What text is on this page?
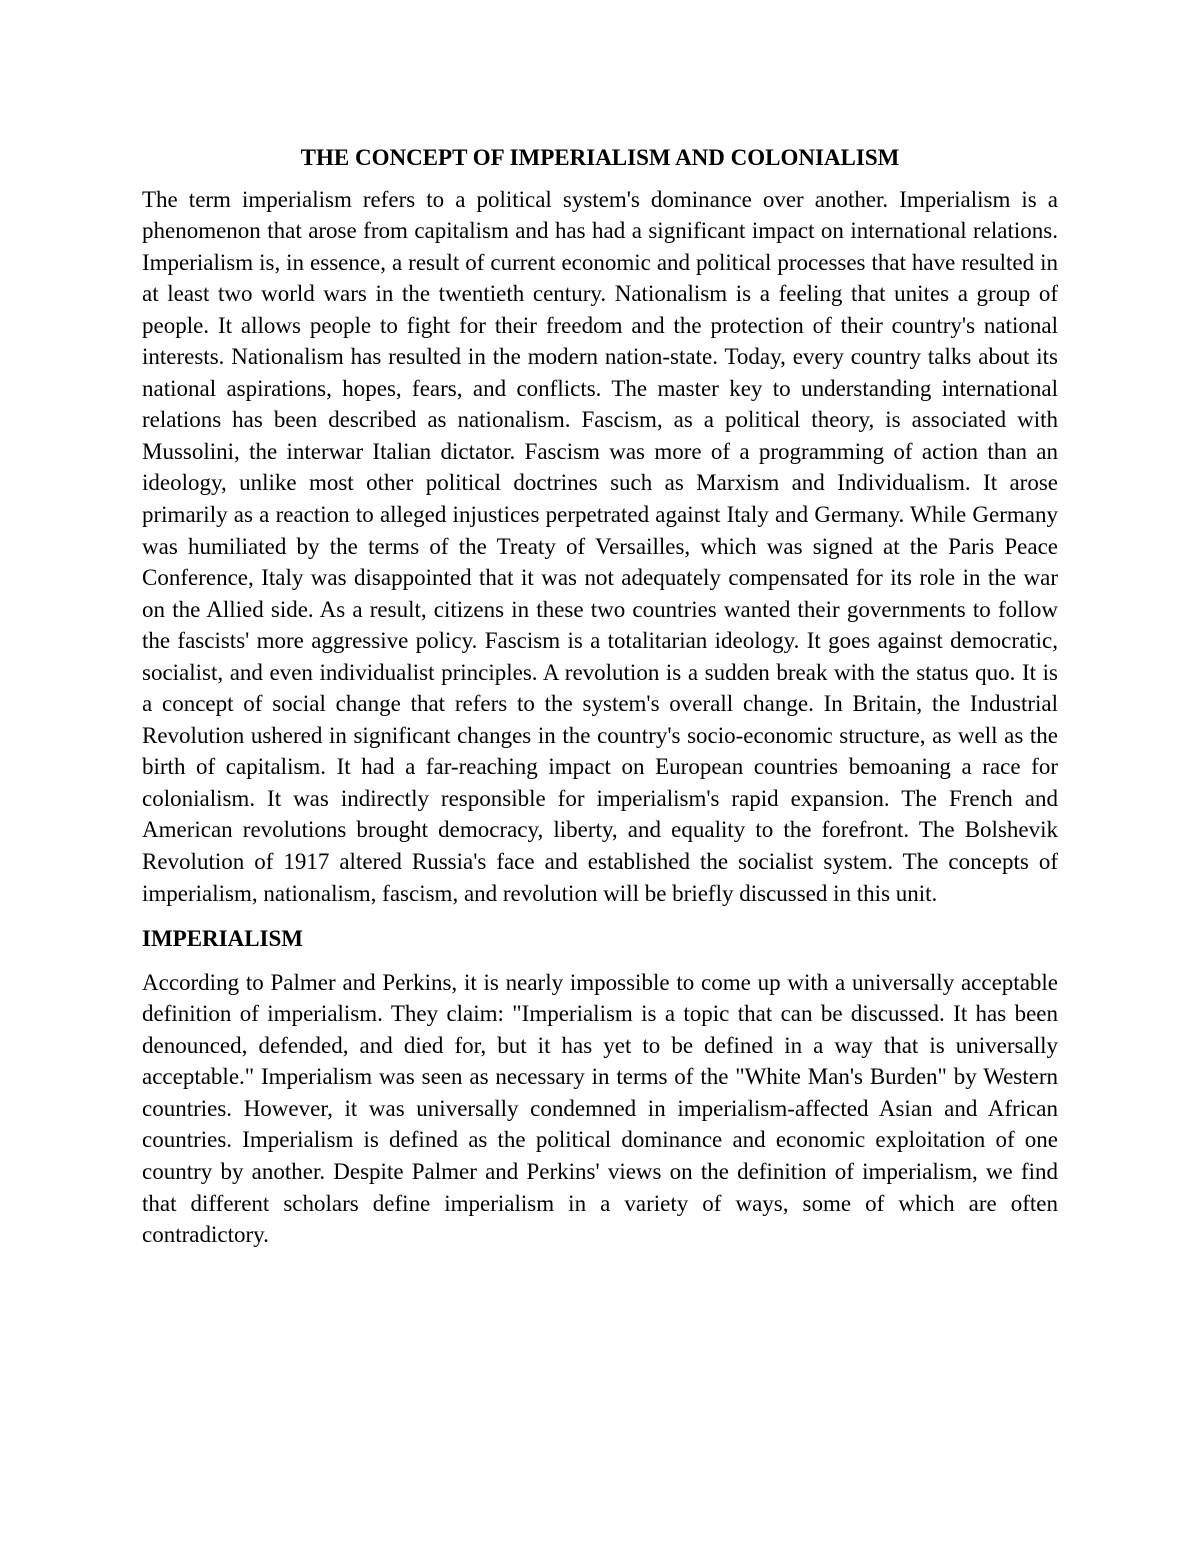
THE CONCEPT OF IMPERIALISM AND COLONIALISM

The term imperialism refers to a political system's dominance over another. Imperialism is a phenomenon that arose from capitalism and has had a significant impact on international relations. Imperialism is, in essence, a result of current economic and political processes that have resulted in at least two world wars in the twentieth century. Nationalism is a feeling that unites a group of people. It allows people to fight for their freedom and the protection of their country's national interests. Nationalism has resulted in the modern nation-state. Today, every country talks about its national aspirations, hopes, fears, and conflicts. The master key to understanding international relations has been described as nationalism. Fascism, as a political theory, is associated with Mussolini, the interwar Italian dictator. Fascism was more of a programming of action than an ideology, unlike most other political doctrines such as Marxism and Individualism. It arose primarily as a reaction to alleged injustices perpetrated against Italy and Germany. While Germany was humiliated by the terms of the Treaty of Versailles, which was signed at the Paris Peace Conference, Italy was disappointed that it was not adequately compensated for its role in the war on the Allied side. As a result, citizens in these two countries wanted their governments to follow the fascists' more aggressive policy. Fascism is a totalitarian ideology. It goes against democratic, socialist, and even individualist principles. A revolution is a sudden break with the status quo. It is a concept of social change that refers to the system's overall change. In Britain, the Industrial Revolution ushered in significant changes in the country's socio-economic structure, as well as the birth of capitalism. It had a far-reaching impact on European countries bemoaning a race for colonialism. It was indirectly responsible for imperialism's rapid expansion. The French and American revolutions brought democracy, liberty, and equality to the forefront. The Bolshevik Revolution of 1917 altered Russia's face and established the socialist system. The concepts of imperialism, nationalism, fascism, and revolution will be briefly discussed in this unit.

IMPERIALISM

According to Palmer and Perkins, it is nearly impossible to come up with a universally acceptable definition of imperialism. They claim: "Imperialism is a topic that can be discussed. It has been denounced, defended, and died for, but it has yet to be defined in a way that is universally acceptable." Imperialism was seen as necessary in terms of the "White Man's Burden" by Western countries. However, it was universally condemned in imperialism-affected Asian and African countries. Imperialism is defined as the political dominance and economic exploitation of one country by another. Despite Palmer and Perkins' views on the definition of imperialism, we find that different scholars define imperialism in a variety of ways, some of which are often contradictory.
